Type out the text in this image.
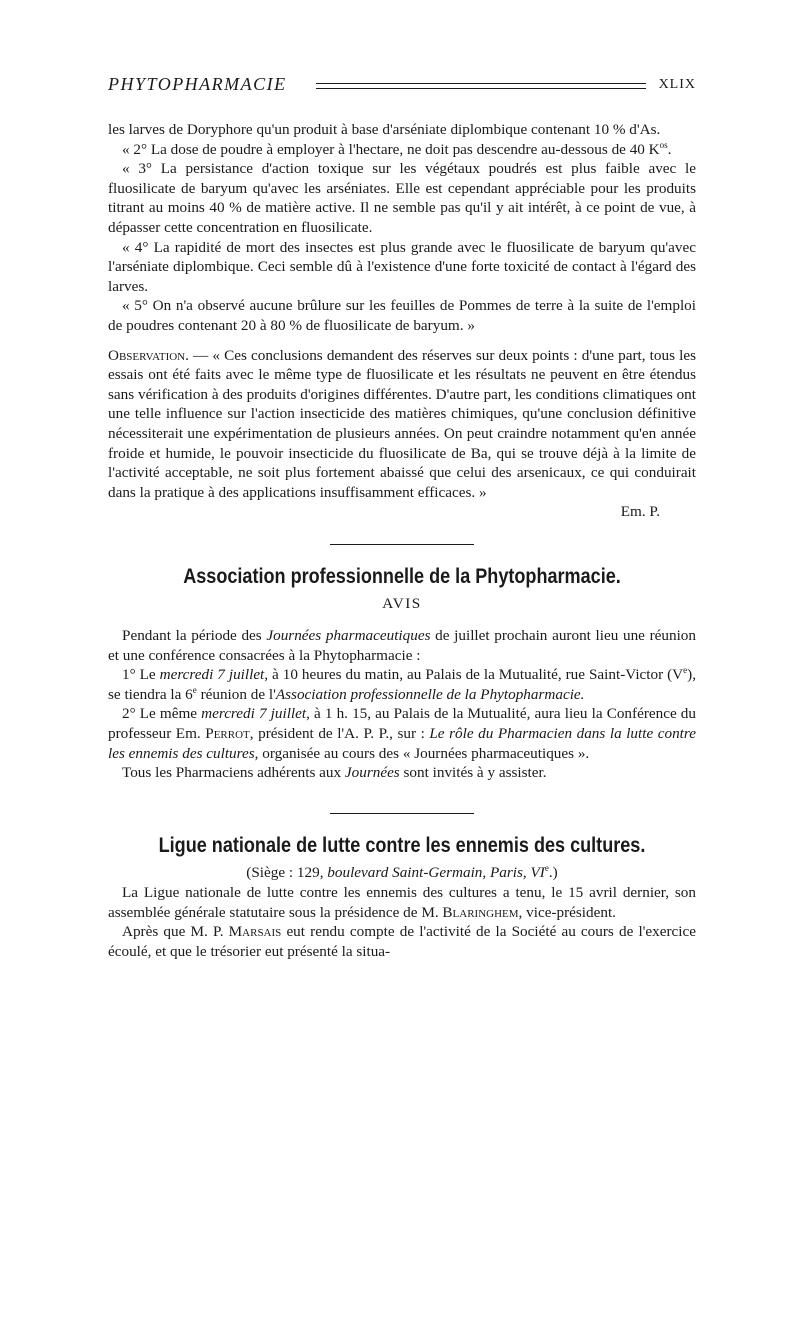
PHYTOPHARMACIE	XLIX

les larves de Doryphore qu'un produit à base d'arséniate diplombique contenant 10 % d'As.

« 2° La dose de poudre à employer à l'hectare, ne doit pas descendre au-dessous de 40 $K^{os}$.

« 3° La persistance d'action toxique sur les végétaux poudrés est plus faible avec le fluosilicate de baryum qu'avec les arséniates. Elle est cependant appréciable pour les produits titrant au moins 40 % de matière active. Il ne semble pas qu'il y ait intérêt, à ce point de vue, à dépasser cette concentration en fluosilicate.

« 4° La rapidité de mort des insectes est plus grande avec le fluosilicate de baryum qu'avec l'arséniate diplombique. Ceci semble dû à l'existence d'une forte toxicité de contact à l'égard des larves.

« 5° On n'a observé aucune brûlure sur les feuilles de Pommes de terre à la suite de l'emploi de poudres contenant 20 à 80 % de fluosilicate de baryum. »

Observation. — « Ces conclusions demandent des réserves sur deux points : d'une part, tous les essais ont été faits avec le même type de fluosilicate et les résultats ne peuvent en être étendus sans vérification à des produits d'origines différentes. D'autre part, les conditions climatiques ont une telle influence sur l'action insecticide des matières chimiques, qu'une conclusion définitive nécessiterait une expérimentation de plusieurs années. On peut craindre notamment qu'en année froide et humide, le pouvoir insecticide du fluosilicate de Ba, qui se trouve déjà à la limite de l'activité acceptable, ne soit plus fortement abaissé que celui des arsenicaux, ce qui conduirait dans la pratique à des applications insuffisamment efficaces. »

Em. P.

Association professionnelle de la Phytopharmacie.
AVIS

Pendant la période des Journées pharmaceutiques de juillet prochain auront lieu une réunion et une conférence consacrées à la Phytopharmacie :

1° Le mercredi 7 juillet, à 10 heures du matin, au Palais de la Mutualité, rue Saint-Victor (Ve), se tiendra la 6e réunion de l'Association professionnelle de la Phytopharmacie.

2° Le même mercredi 7 juillet, à 1 h. 15, au Palais de la Mutualité, aura lieu la Conférence du professeur Em. Perrot, président de l'A. P. P., sur : Le rôle du Pharmacien dans la lutte contre les ennemis des cultures, organisée au cours des « Journées pharmaceutiques ».

Tous les Pharmaciens adhérents aux Journées sont invités à y assister.

Ligue nationale de lutte contre les ennemis des cultures.

(Siège : 129, boulevard Saint-Germain, Paris, VIe.)

La Ligue nationale de lutte contre les ennemis des cultures a tenu, le 15 avril dernier, son assemblée générale statutaire sous la présidence de M. Blaringhem, vice-président.

Après que M. P. Marsais eut rendu compte de l'activité de la Société au cours de l'exercice écoulé, et que le trésorier eut présenté la situa-
